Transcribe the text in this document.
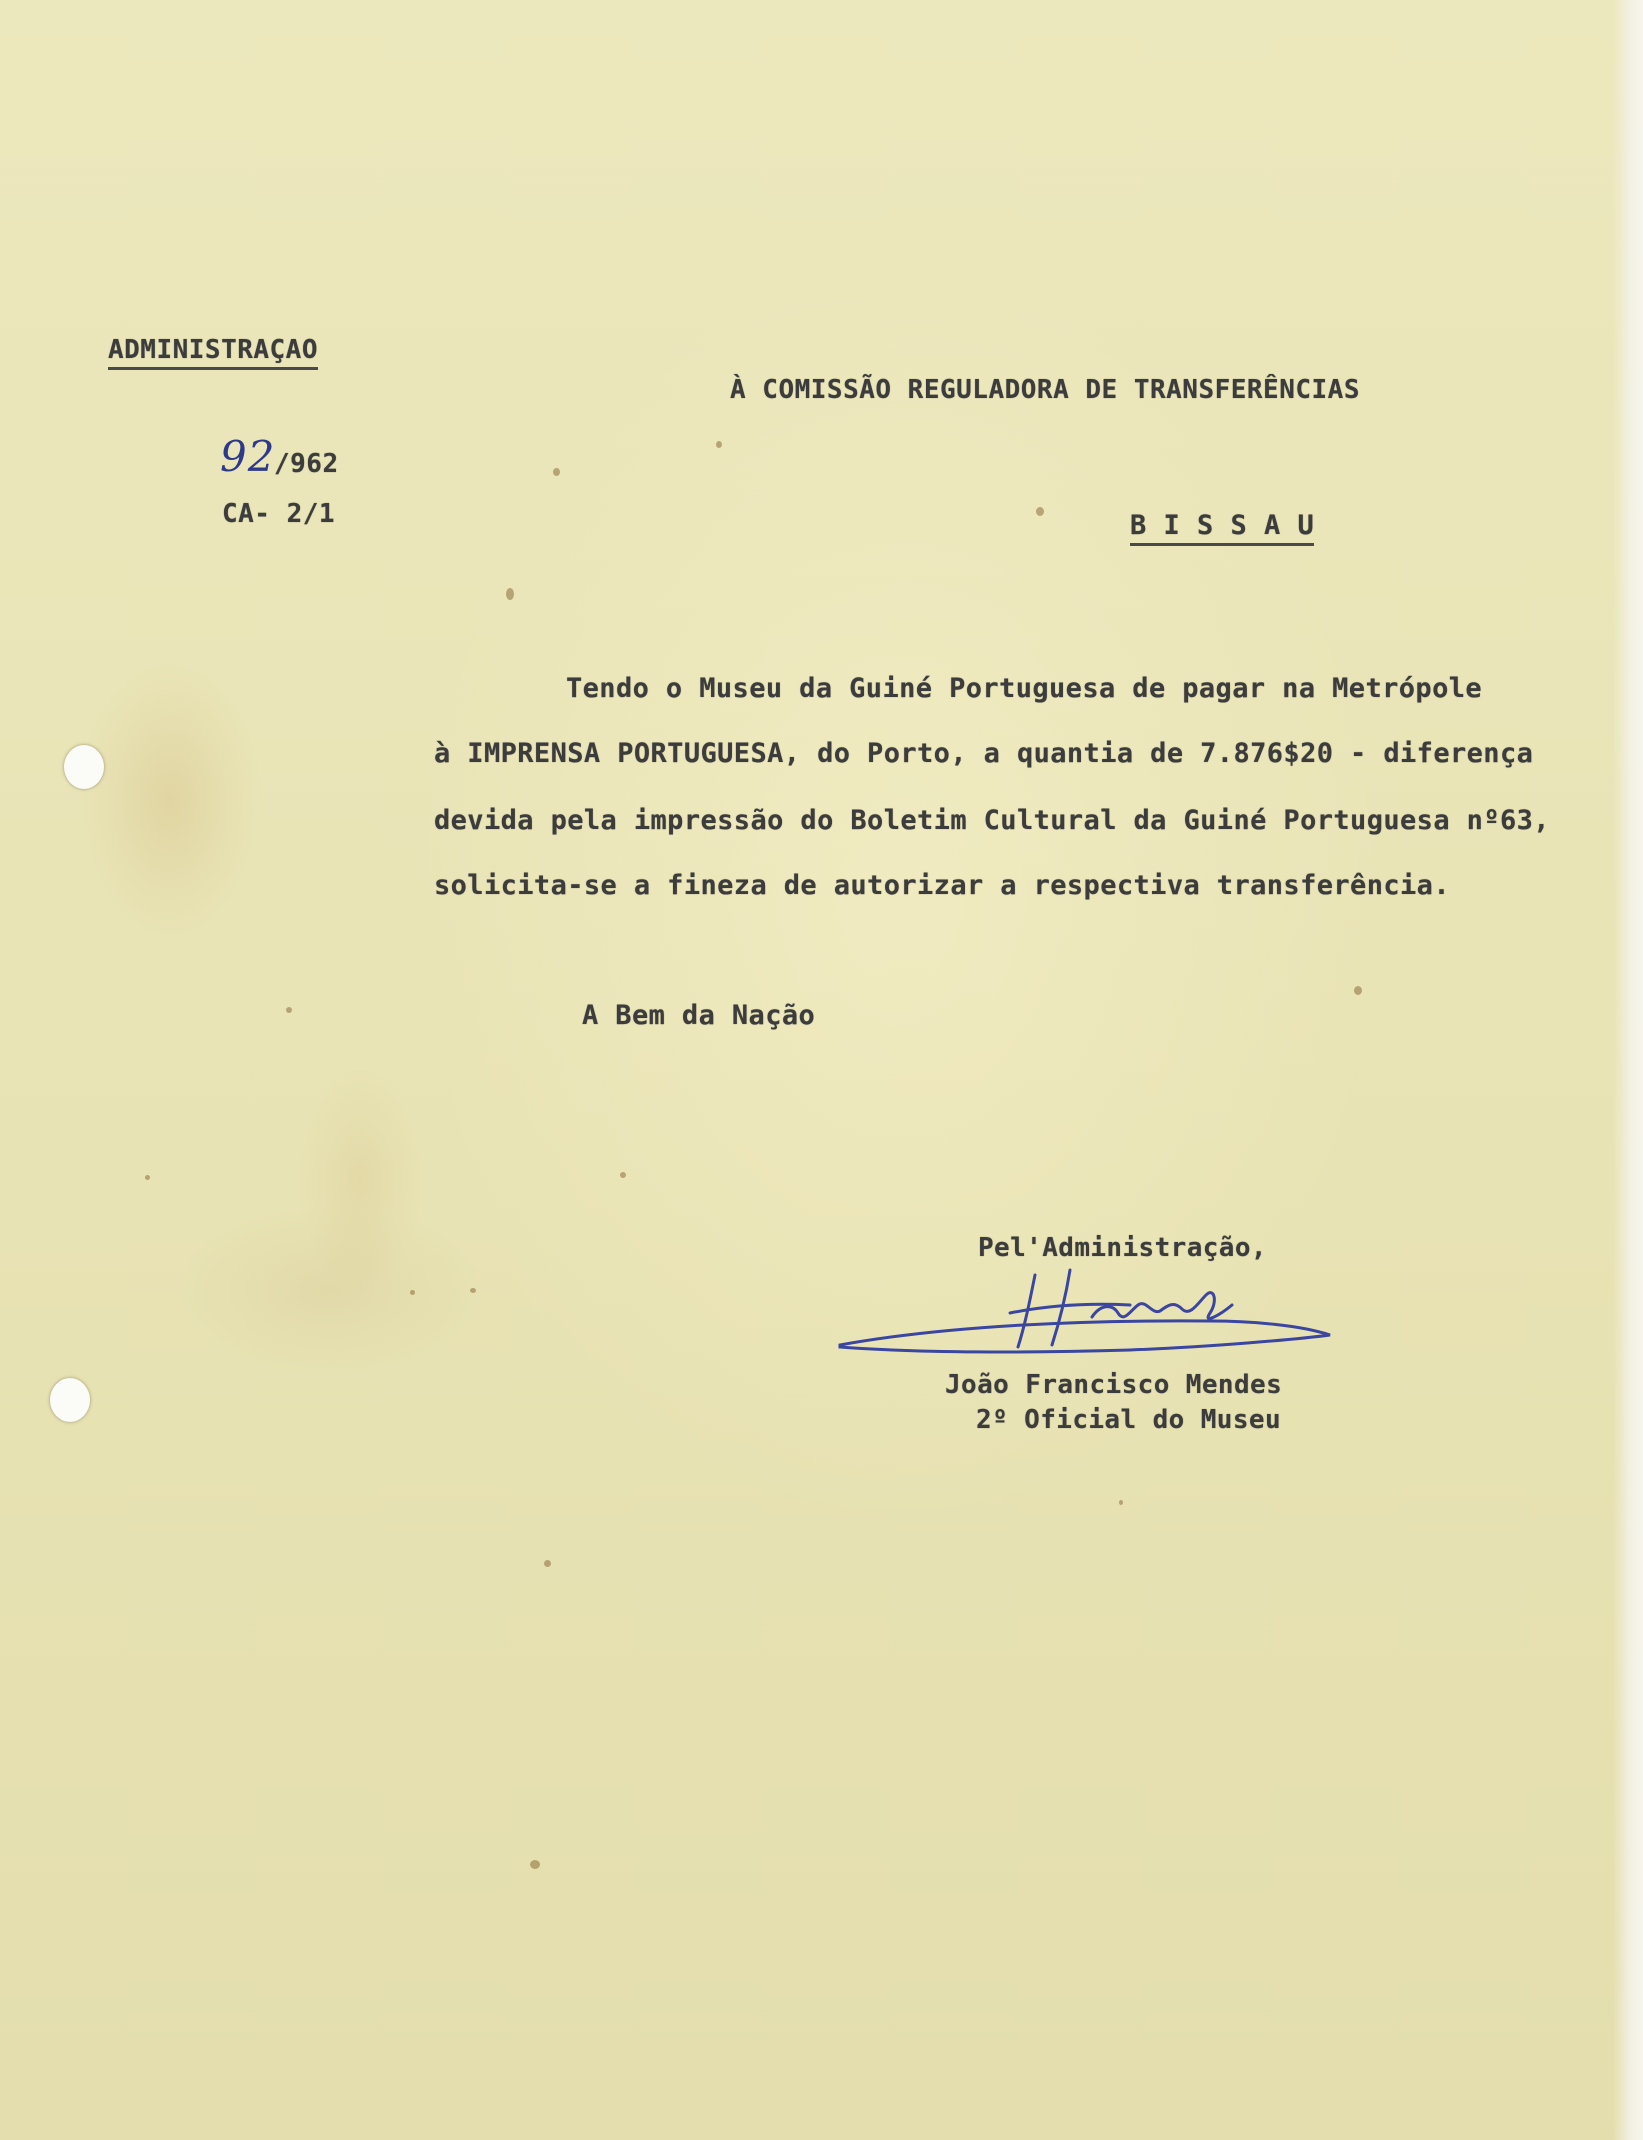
ADMINISTRAÇAO
92
/962
CA- 2/1
À COMISSÃO REGULADORA DE TRANSFERÊNCIAS
B I S S A U
Tendo o Museu da Guiné Portuguesa de pagar na Metrópole
à IMPRENSA PORTUGUESA, do Porto, a quantia de 7.876$20 - diferença
devida pela impressão do Boletim Cultural da Guiné Portuguesa nº63,
solicita-se a fineza de autorizar a respectiva transferência.
A Bem da Nação
Pel'Administração,
João Francisco Mendes
2º Oficial do Museu
